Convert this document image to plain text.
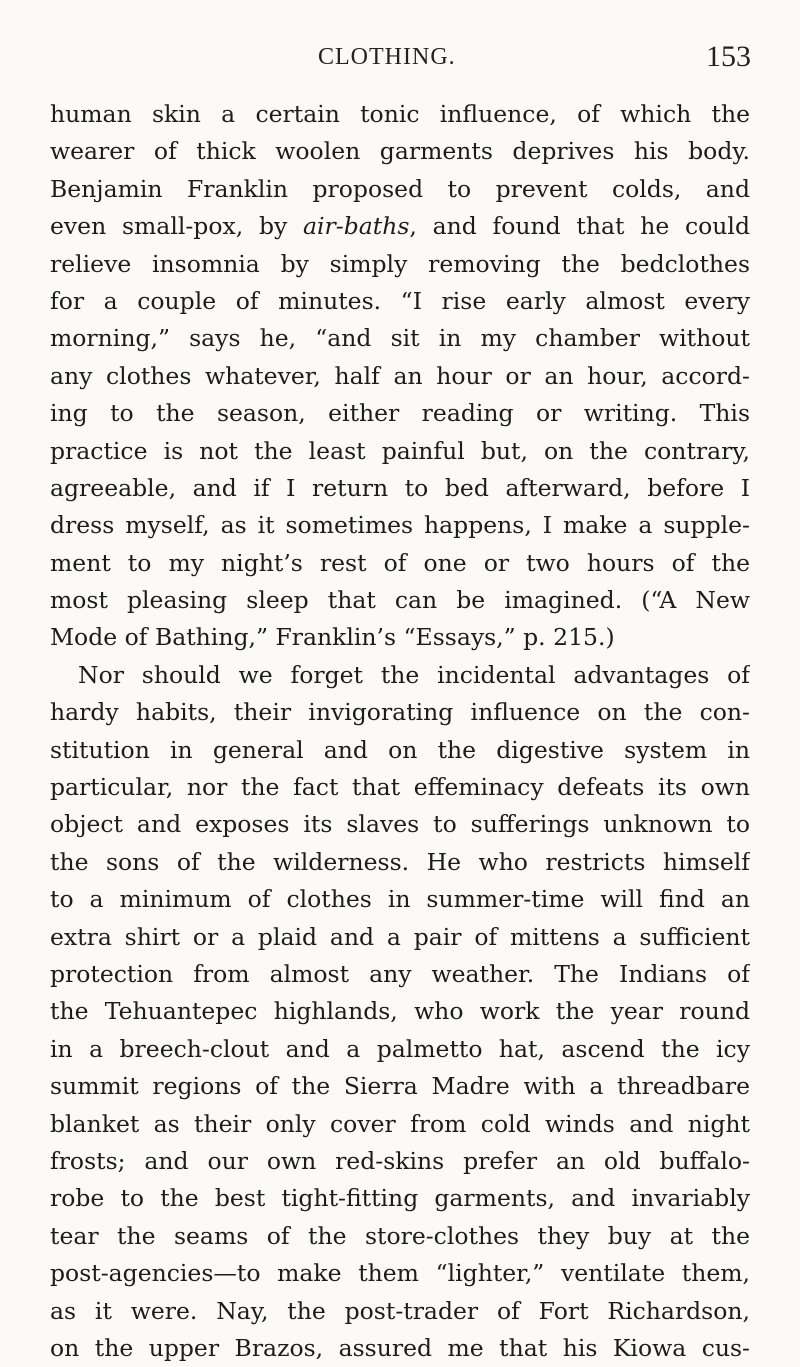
CLOTHING.	153
human skin a certain tonic influence, of which the
wearer of thick woolen garments deprives his body.
Benjamin Franklin proposed to prevent colds, and
even small-pox, by air-baths, and found that he could
relieve insomnia by simply removing the bedclothes
for a couple of minutes. “I rise early almost every
morning,” says he, “and sit in my chamber without
any clothes whatever, half an hour or an hour, accord-
ing to the season, either reading or writing. This
practice is not the least painful but, on the contrary,
agreeable, and if I return to bed afterward, before I
dress myself, as it sometimes happens, I make a supple-
ment to my night’s rest of one or two hours of the
most pleasing sleep that can be imagined. (“A New
Mode of Bathing,” Franklin’s “Essays,” p. 215.)
Nor should we forget the incidental advantages of
hardy habits, their invigorating influence on the con-
stitution in general and on the digestive system in
particular, nor the fact that effeminacy defeats its own
object and exposes its slaves to sufferings unknown to
the sons of the wilderness. He who restricts himself
to a minimum of clothes in summer-time will find an
extra shirt or a plaid and a pair of mittens a sufficient
protection from almost any weather. The Indians of
the Tehuantepec highlands, who work the year round
in a breech-clout and a palmetto hat, ascend the icy
summit regions of the Sierra Madre with a threadbare
blanket as their only cover from cold winds and night
frosts; and our own red-skins prefer an old buffalo-
robe to the best tight-fitting garments, and invariably
tear the seams of the store-clothes they buy at the
post-agencies—to make them “lighter,” ventilate them,
as it were. Nay, the post-trader of Fort Richardson,
on the upper Brazos, assured me that his Kiowa cus-
